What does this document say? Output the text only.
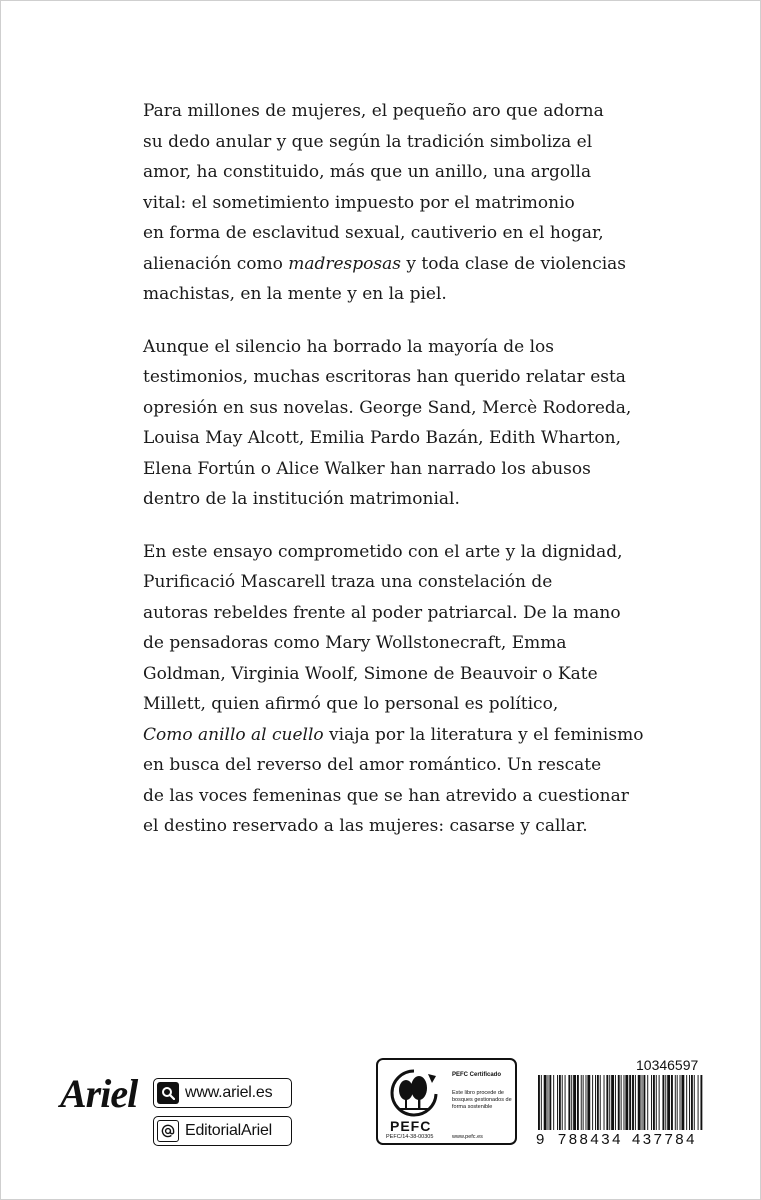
Para millones de mujeres, el pequeño aro que adorna
su dedo anular y que según la tradición simboliza el
amor, ha constituido, más que un anillo, una argolla
vital: el sometimiento impuesto por el matrimonio
en forma de esclavitud sexual, cautiverio en el hogar,
alienación como madresposas y toda clase de violencias
machistas, en la mente y en la piel.

Aunque el silencio ha borrado la mayoría de los
testimonios, muchas escritoras han querido relatar esta
opresión en sus novelas. George Sand, Mercè Rodoreda,
Louisa May Alcott, Emilia Pardo Bazán, Edith Wharton,
Elena Fortún o Alice Walker han narrado los abusos
dentro de la institución matrimonial.

En este ensayo comprometido con el arte y la dignidad,
Purificació Mascarell traza una constelación de
autoras rebeldes frente al poder patriarcal. De la mano
de pensadoras como Mary Wollstonecraft, Emma
Goldman, Virginia Woolf, Simone de Beauvoir o Kate
Millett, quien afirmó que lo personal es político,
Como anillo al cuello viaja por la literatura y el feminismo
en busca del reverso del amor romántico. Un rescate
de las voces femeninas que se han atrevido a cuestionar
el destino reservado a las mujeres: casarse y callar.

Ariel	www.ariel.es
EditorialAriel	PEFC
PEFC/14-38-00305
PEFC Certificado
Este libro procede de bosques gestionados de forma sostenible
www.pefc.es
10346597
9 788434 437784
